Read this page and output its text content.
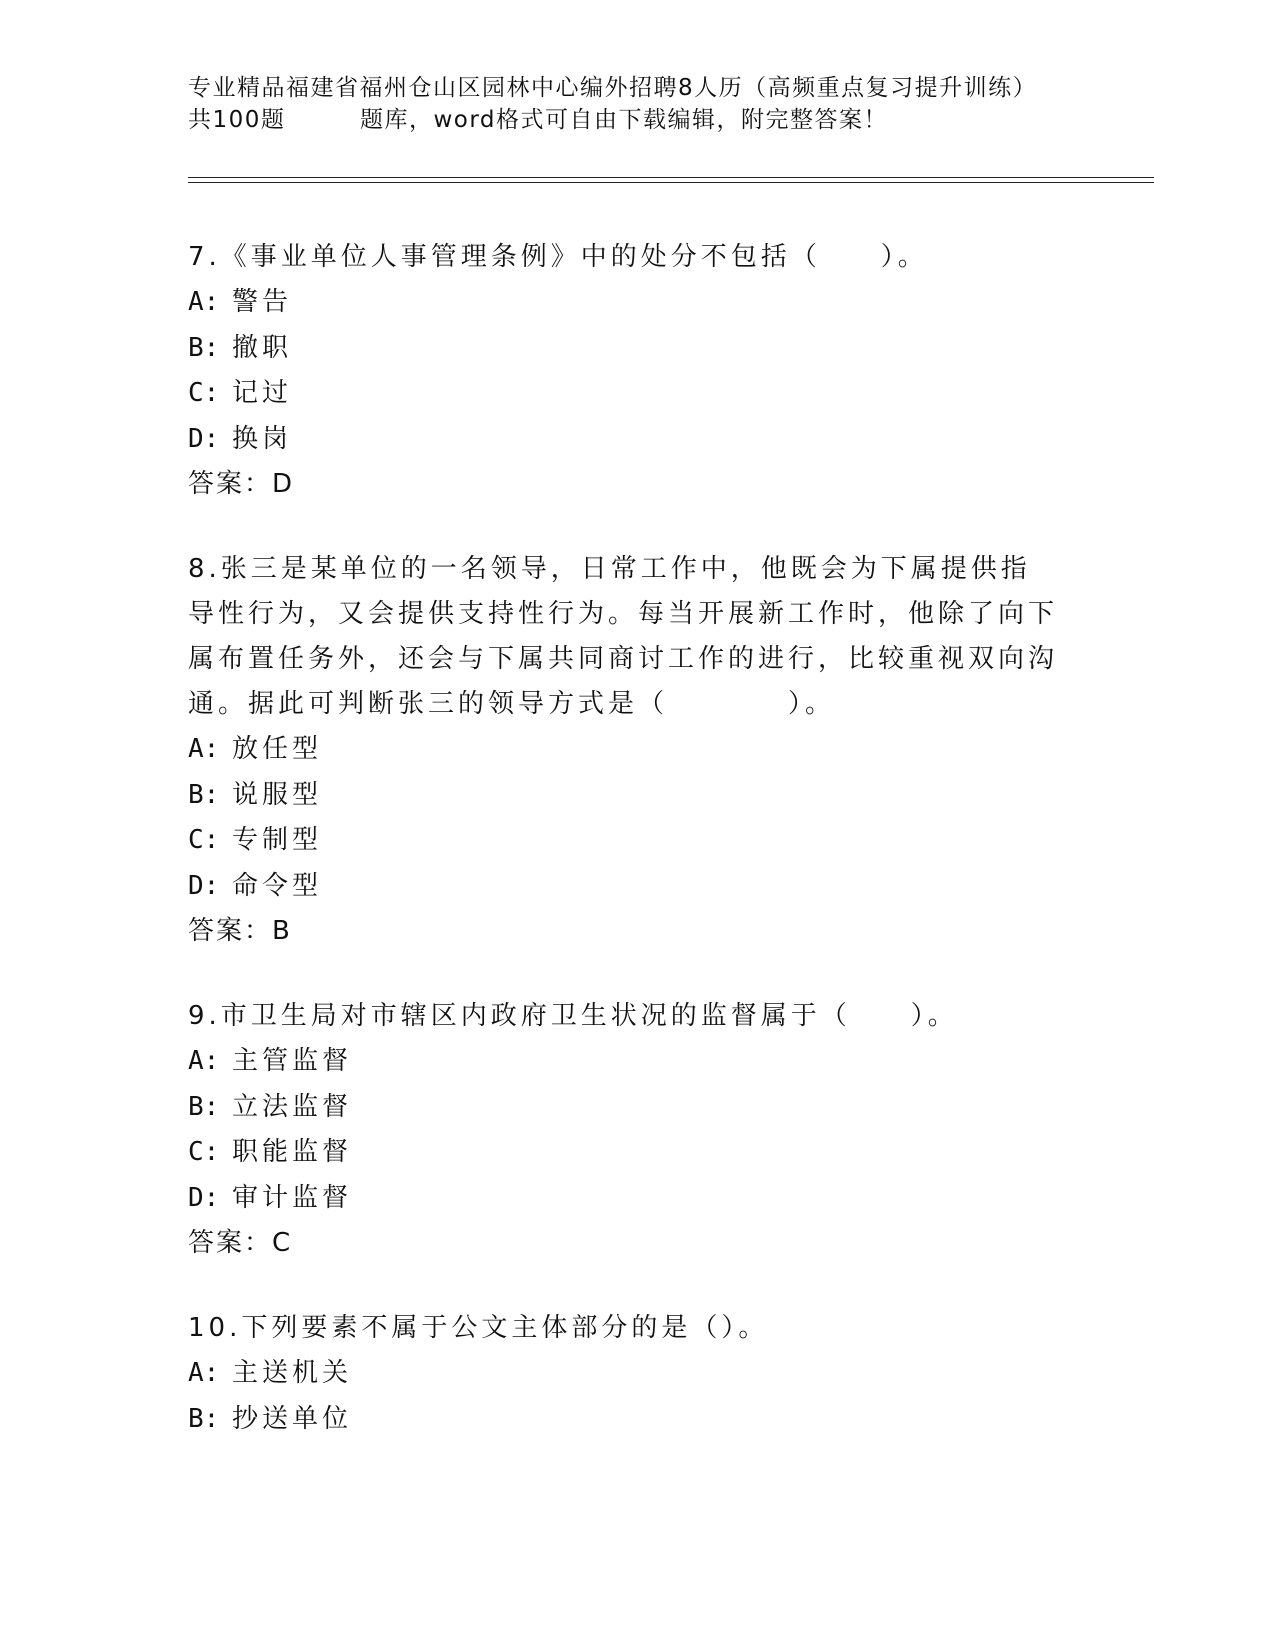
专业精品福建省福州仓山区园林中心编外招聘8人历（高频重点复习提升训练）
共100题	题库，word格式可自由下载编辑，附完整答案！
7.《事业单位人事管理条例》中的处分不包括（　　）。
A: 警告
B: 撤职
C: 记过
D: 换岗
答案：D
8.张三是某单位的一名领导，日常工作中，他既会为下属提供指导性行为，又会提供支持性行为。每当开展新工作时，他除了向下属布置任务外，还会与下属共同商讨工作的进行，比较重视双向沟通。据此可判断张三的领导方式是（　　　　）。
A: 放任型
B: 说服型
C: 专制型
D: 命令型
答案：B
9.市卫生局对市辖区内政府卫生状况的监督属于（　　）。
A: 主管监督
B: 立法监督
C: 职能监督
D: 审计监督
答案：C
10.下列要素不属于公文主体部分的是（）。
A: 主送机关
B: 抄送单位
